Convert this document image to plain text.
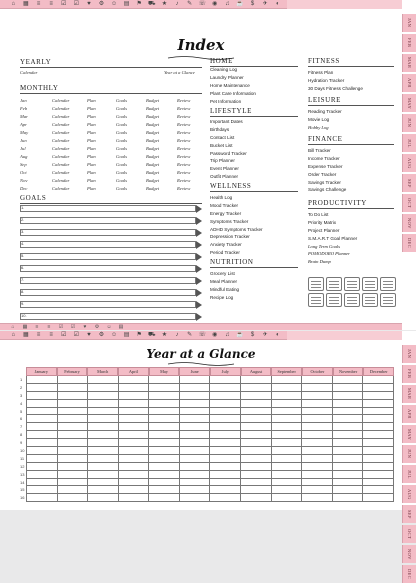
⌂	▦	≡	≡	☑	☑	♥	⚙	☺	▤	⚑	⛟	★	♪	✎	☏	◉	♫	☕	$	✈	◐
JAN
FEB
MAR
APR
MAY
JUN
JUL
AUG
SEP
OCT
NOV
DEC
Index
YEARLY
Calendar	Year at a Glance
MONTHLY
Jan	Calendar	Plan	Goals	Budget	Review
Feb	Calendar	Plan	Goals	Budget	Review
Mar	Calendar	Plan	Goals	Budget	Review
Apr	Calendar	Plan	Goals	Budget	Review
May	Calendar	Plan	Goals	Budget	Review
Jun	Calendar	Plan	Goals	Budget	Review
Jul	Calendar	Plan	Goals	Budget	Review
Aug	Calendar	Plan	Goals	Budget	Review
Sep	Calendar	Plan	Goals	Budget	Review
Oct	Calendar	Plan	Goals	Budget	Review
Nov	Calendar	Plan	Goals	Budget	Review
Dec	Calendar	Plan	Goals	Budget	Review
GOALS
1.
2.
3.
4.
5.
6.
7.
8.
9.
10.
HOME
Cleaning Log
Laundry Planner
Home Maintenance
Plant Care Information
Pet Information
LIFESTYLE
Important Dates
Birthdays
Contact List
Bucket List
Password Tracker
Trip Planner
Event Planner
Outfit Planner
WELLNESS
Health Log
Mood Tracker
Energy Tracker
Symptoms Tracker
ADHD Symptoms Tracker
Depression Tracker
Anxiety Tracker
Period Tracker
NUTRITION
Grocery List
Meal Planner
Mindful Eating
Recipe Log
FITNESS
Fitness Plan
Hydration Tracker
30 Days Fitness Challenge
LEISURE
Reading Tracker
Movie Log
Hobby Log
FINANCE
Bill Tracker
Income Tracker
Expense Tracker
Order Tracker
Savings Tracker
Savings Challenge
PRODUCTIVITY
To Do List
Priority Matrix
Project Planner
S.M.A.R.T Goal Planner
Long Term Goals
POMODORO Planner
Brain Dump
⌂	▦	≡	≡	☑	☑	♥	⚙	☺	▤
⌂	▦	≡	≡	☑	☑	♥	⚙	☺	▤	⚑	⛟	★	♪	✎	☏	◉	♫	☕	$	✈	◐
JAN
FEB
MAR
APR
MAY
JUN
JUL
AUG
SEP
OCT
NOV
DEC
Year at a Glance
January	February	March	April	May	June	July	August	September	October	November	December
1
2
3
4
5
6
7
8
9
10
11
12
13
14
15
16
